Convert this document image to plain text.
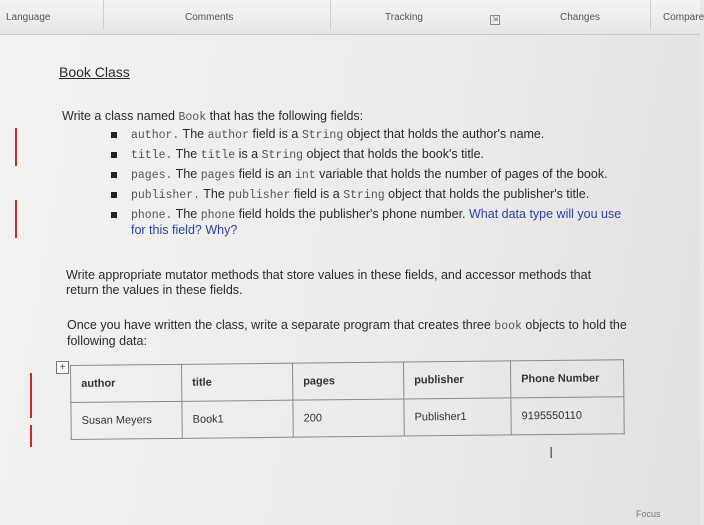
Language	Comments	Tracking	⇲	Changes	Compare
Book Class
Write a class named Book that has the following fields:
author. The author field is a String object that holds the author's name.
title. The title is a String object that holds the book's title.
pages. The pages field is an int variable that holds the number of pages of the book.
publisher. The publisher field is a String object that holds the publisher's title.
phone. The phone field holds the publisher's phone number. What data type will you use for this field? Why?
Write appropriate mutator methods that store values in these fields, and accessor methods that return the values in these fields.
Once you have written the class, write a separate program that creates three book objects to hold the following data:
+
author	title	pages	publisher	Phone Number
Susan Meyers	Book1	200	Publisher1	9195550110
I
Focus
